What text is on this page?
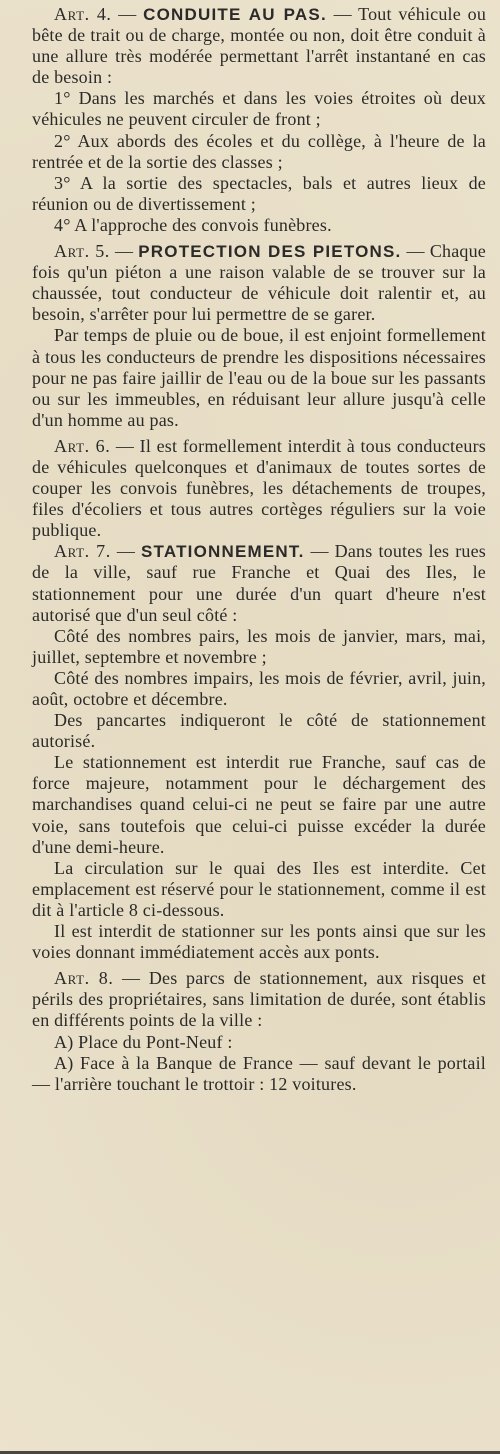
Art. 4. — CONDUITE AU PAS. — Tout véhicule ou bête de trait ou de charge, montée ou non, doit être conduit à une allure très modérée permettant l'arrêt instantané en cas de besoin :

1° Dans les marchés et dans les voies étroites où deux véhicules ne peuvent circuler de front ;

2° Aux abords des écoles et du collège, à l'heure de la rentrée et de la sortie des classes ;

3° A la sortie des spectacles, bals et autres lieux de réunion ou de divertissement ;

4° A l'approche des convois funèbres.

Art. 5. — PROTECTION DES PIETONS. — Chaque fois qu'un piéton a une raison valable de se trouver sur la chaussée, tout conducteur de véhicule doit ralentir et, au besoin, s'arrêter pour lui permettre de se garer.

Par temps de pluie ou de boue, il est enjoint formellement à tous les conducteurs de prendre les dispositions nécessaires pour ne pas faire jaillir de l'eau ou de la boue sur les passants ou sur les immeubles, en réduisant leur allure jusqu'à celle d'un homme au pas.

Art. 6. — Il est formellement interdit à tous conducteurs de véhicules quelconques et d'animaux de toutes sortes de couper les convois funèbres, les détachements de troupes, files d'écoliers et tous autres cortèges réguliers sur la voie publique.

Art. 7. — STATIONNEMENT. — Dans toutes les rues de la ville, sauf rue Franche et Quai des Iles, le stationnement pour une durée d'un quart d'heure n'est autorisé que d'un seul côté :

Côté des nombres pairs, les mois de janvier, mars, mai, juillet, septembre et novembre ;

Côté des nombres impairs, les mois de février, avril, juin, août, octobre et décembre.

Des pancartes indiqueront le côté de stationnement autorisé.

Le stationnement est interdit rue Franche, sauf cas de force majeure, notamment pour le déchargement des marchandises quand celui-ci ne peut se faire par une autre voie, sans toutefois que celui-ci puisse excéder la durée d'une demi-heure.

La circulation sur le quai des Iles est interdite. Cet emplacement est réservé pour le stationnement, comme il est dit à l'article 8 ci-dessous.

Il est interdit de stationner sur les ponts ainsi que sur les voies donnant immédiatement accès aux ponts.

Art. 8. — Des parcs de stationnement, aux risques et périls des propriétaires, sans limitation de durée, sont établis en différents points de la ville :

A) Place du Pont-Neuf :

A) Face à la Banque de France — sauf devant le portail — l'arrière touchant le trottoir : 12 voitures.
